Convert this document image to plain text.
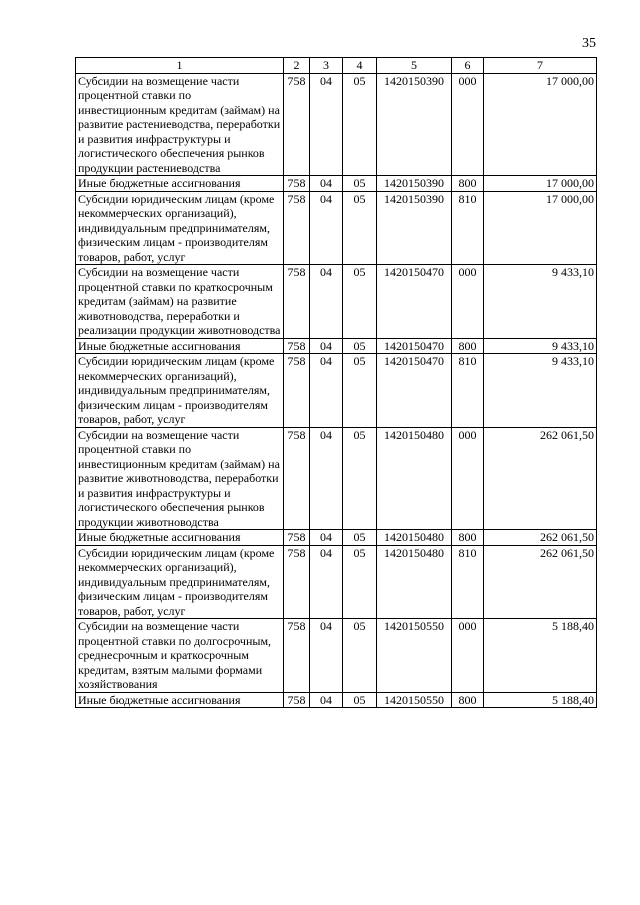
35
1	2	3	4	5	6	7
Субсидии на возмещение части процентной ставки по инвестиционным кредитам (займам) на развитие растениеводства, переработки и развития инфраструктуры и логистического обеспечения рынков продукции растениеводства	758	04	05	1420150390	000	17 000,00
Иные бюджетные ассигнования	758	04	05	1420150390	800	17 000,00
Субсидии юридическим лицам (кроме некоммерческих организаций), индивидуальным предпринимателям, физическим лицам - производителям товаров, работ, услуг	758	04	05	1420150390	810	17 000,00
Субсидии на возмещение части процентной ставки по краткосрочным кредитам (займам) на развитие животноводства, переработки и реализации продукции животноводства	758	04	05	1420150470	000	9 433,10
Иные бюджетные ассигнования	758	04	05	1420150470	800	9 433,10
Субсидии юридическим лицам (кроме некоммерческих организаций), индивидуальным предпринимателям, физическим лицам - производителям товаров, работ, услуг	758	04	05	1420150470	810	9 433,10
Субсидии на возмещение части процентной ставки по инвестиционным кредитам (займам) на развитие животноводства, переработки и развития инфраструктуры и логистического обеспечения рынков продукции животноводства	758	04	05	1420150480	000	262 061,50
Иные бюджетные ассигнования	758	04	05	1420150480	800	262 061,50
Субсидии юридическим лицам (кроме некоммерческих организаций), индивидуальным предпринимателям, физическим лицам - производителям товаров, работ, услуг	758	04	05	1420150480	810	262 061,50
Субсидии на возмещение части процентной ставки по долгосрочным, среднесрочным и краткосрочным кредитам, взятым малыми формами хозяйствования	758	04	05	1420150550	000	5 188,40
Иные бюджетные ассигнования	758	04	05	1420150550	800	5 188,40
